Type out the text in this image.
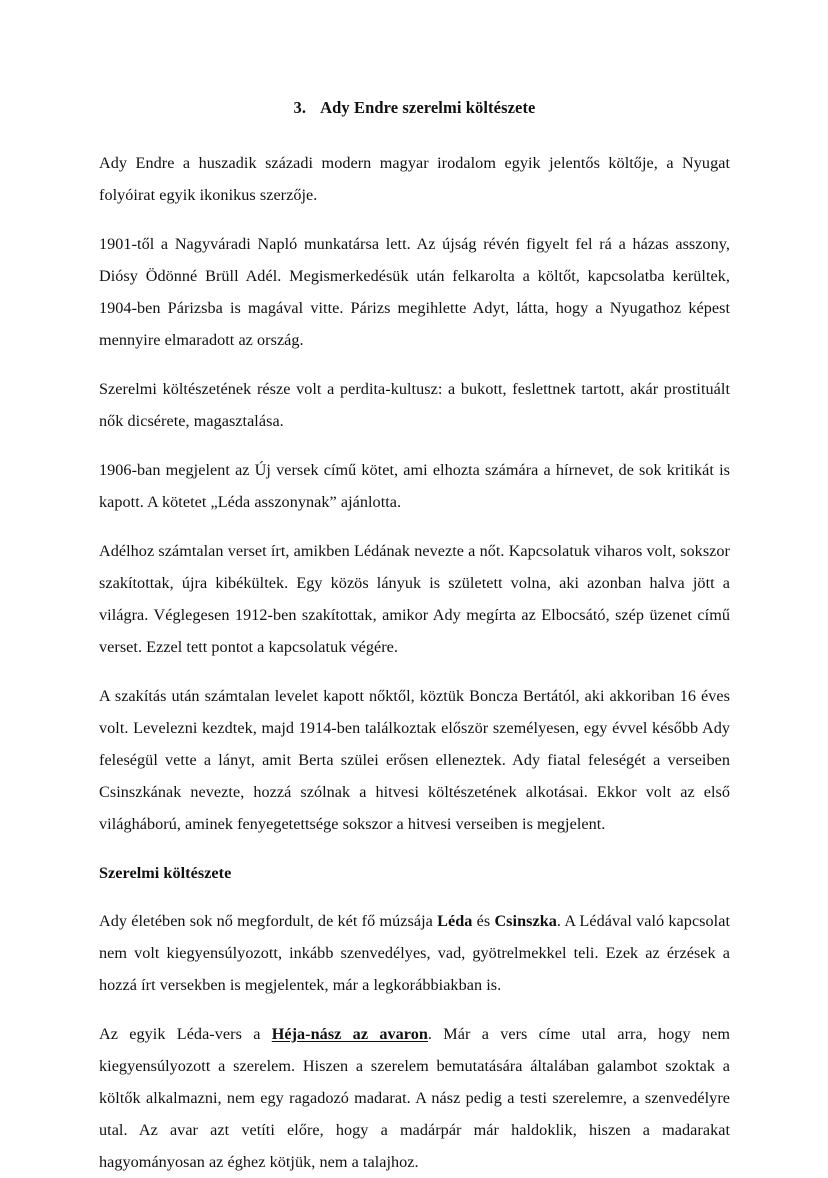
3. Ady Endre szerelmi költészete

Ady Endre a huszadik századi modern magyar irodalom egyik jelentős költője, a Nyugat folyóirat egyik ikonikus szerzője.

1901-től a Nagyváradi Napló munkatársa lett. Az újság révén figyelt fel rá a házas asszony, Diósy Ödönné Brüll Adél. Megismerkedésük után felkarolta a költőt, kapcsolatba kerültek, 1904-ben Párizsba is magával vitte. Párizs megihlette Adyt, látta, hogy a Nyugathoz képest mennyire elmaradott az ország.

Szerelmi költészetének része volt a perdita-kultusz: a bukott, feslettnek tartott, akár prostituált nők dicsérete, magasztalása.

1906-ban megjelent az Új versek című kötet, ami elhozta számára a hírnevet, de sok kritikát is kapott. A kötetet „Léda asszonynak” ajánlotta.

Adélhoz számtalan verset írt, amikben Lédának nevezte a nőt. Kapcsolatuk viharos volt, sokszor szakítottak, újra kibékültek. Egy közös lányuk is született volna, aki azonban halva jött a világra. Véglegesen 1912-ben szakítottak, amikor Ady megírta az Elbocsátó, szép üzenet című verset. Ezzel tett pontot a kapcsolatuk végére.

A szakítás után számtalan levelet kapott nőktől, köztük Boncza Bertától, aki akkoriban 16 éves volt. Levelezni kezdtek, majd 1914-ben találkoztak először személyesen, egy évvel később Ady feleségül vette a lányt, amit Berta szülei erősen elleneztek. Ady fiatal feleségét a verseiben Csinszkának nevezte, hozzá szólnak a hitvesi költészetének alkotásai. Ekkor volt az első világháború, aminek fenyegetettsége sokszor a hitvesi verseiben is megjelent.

Szerelmi költészete

Ady életében sok nő megfordult, de két fő múzsája Léda és Csinszka. A Lédával való kapcsolat nem volt kiegyensúlyozott, inkább szenvedélyes, vad, gyötrelmekkel teli. Ezek az érzések a hozzá írt versekben is megjelentek, már a legkorábbiakban is.

Az egyik Léda-vers a Héja-nász az avaron. Már a vers címe utal arra, hogy nem kiegyensúlyozott a szerelem. Hiszen a szerelem bemutatására általában galambot szoktak a költők alkalmazni, nem egy ragadozó madarat. A nász pedig a testi szerelemre, a szenvedélyre utal. Az avar azt vetíti előre, hogy a madárpár már haldoklik, hiszen a madarakat hagyományosan az éghez kötjük, nem a talajhoz.
